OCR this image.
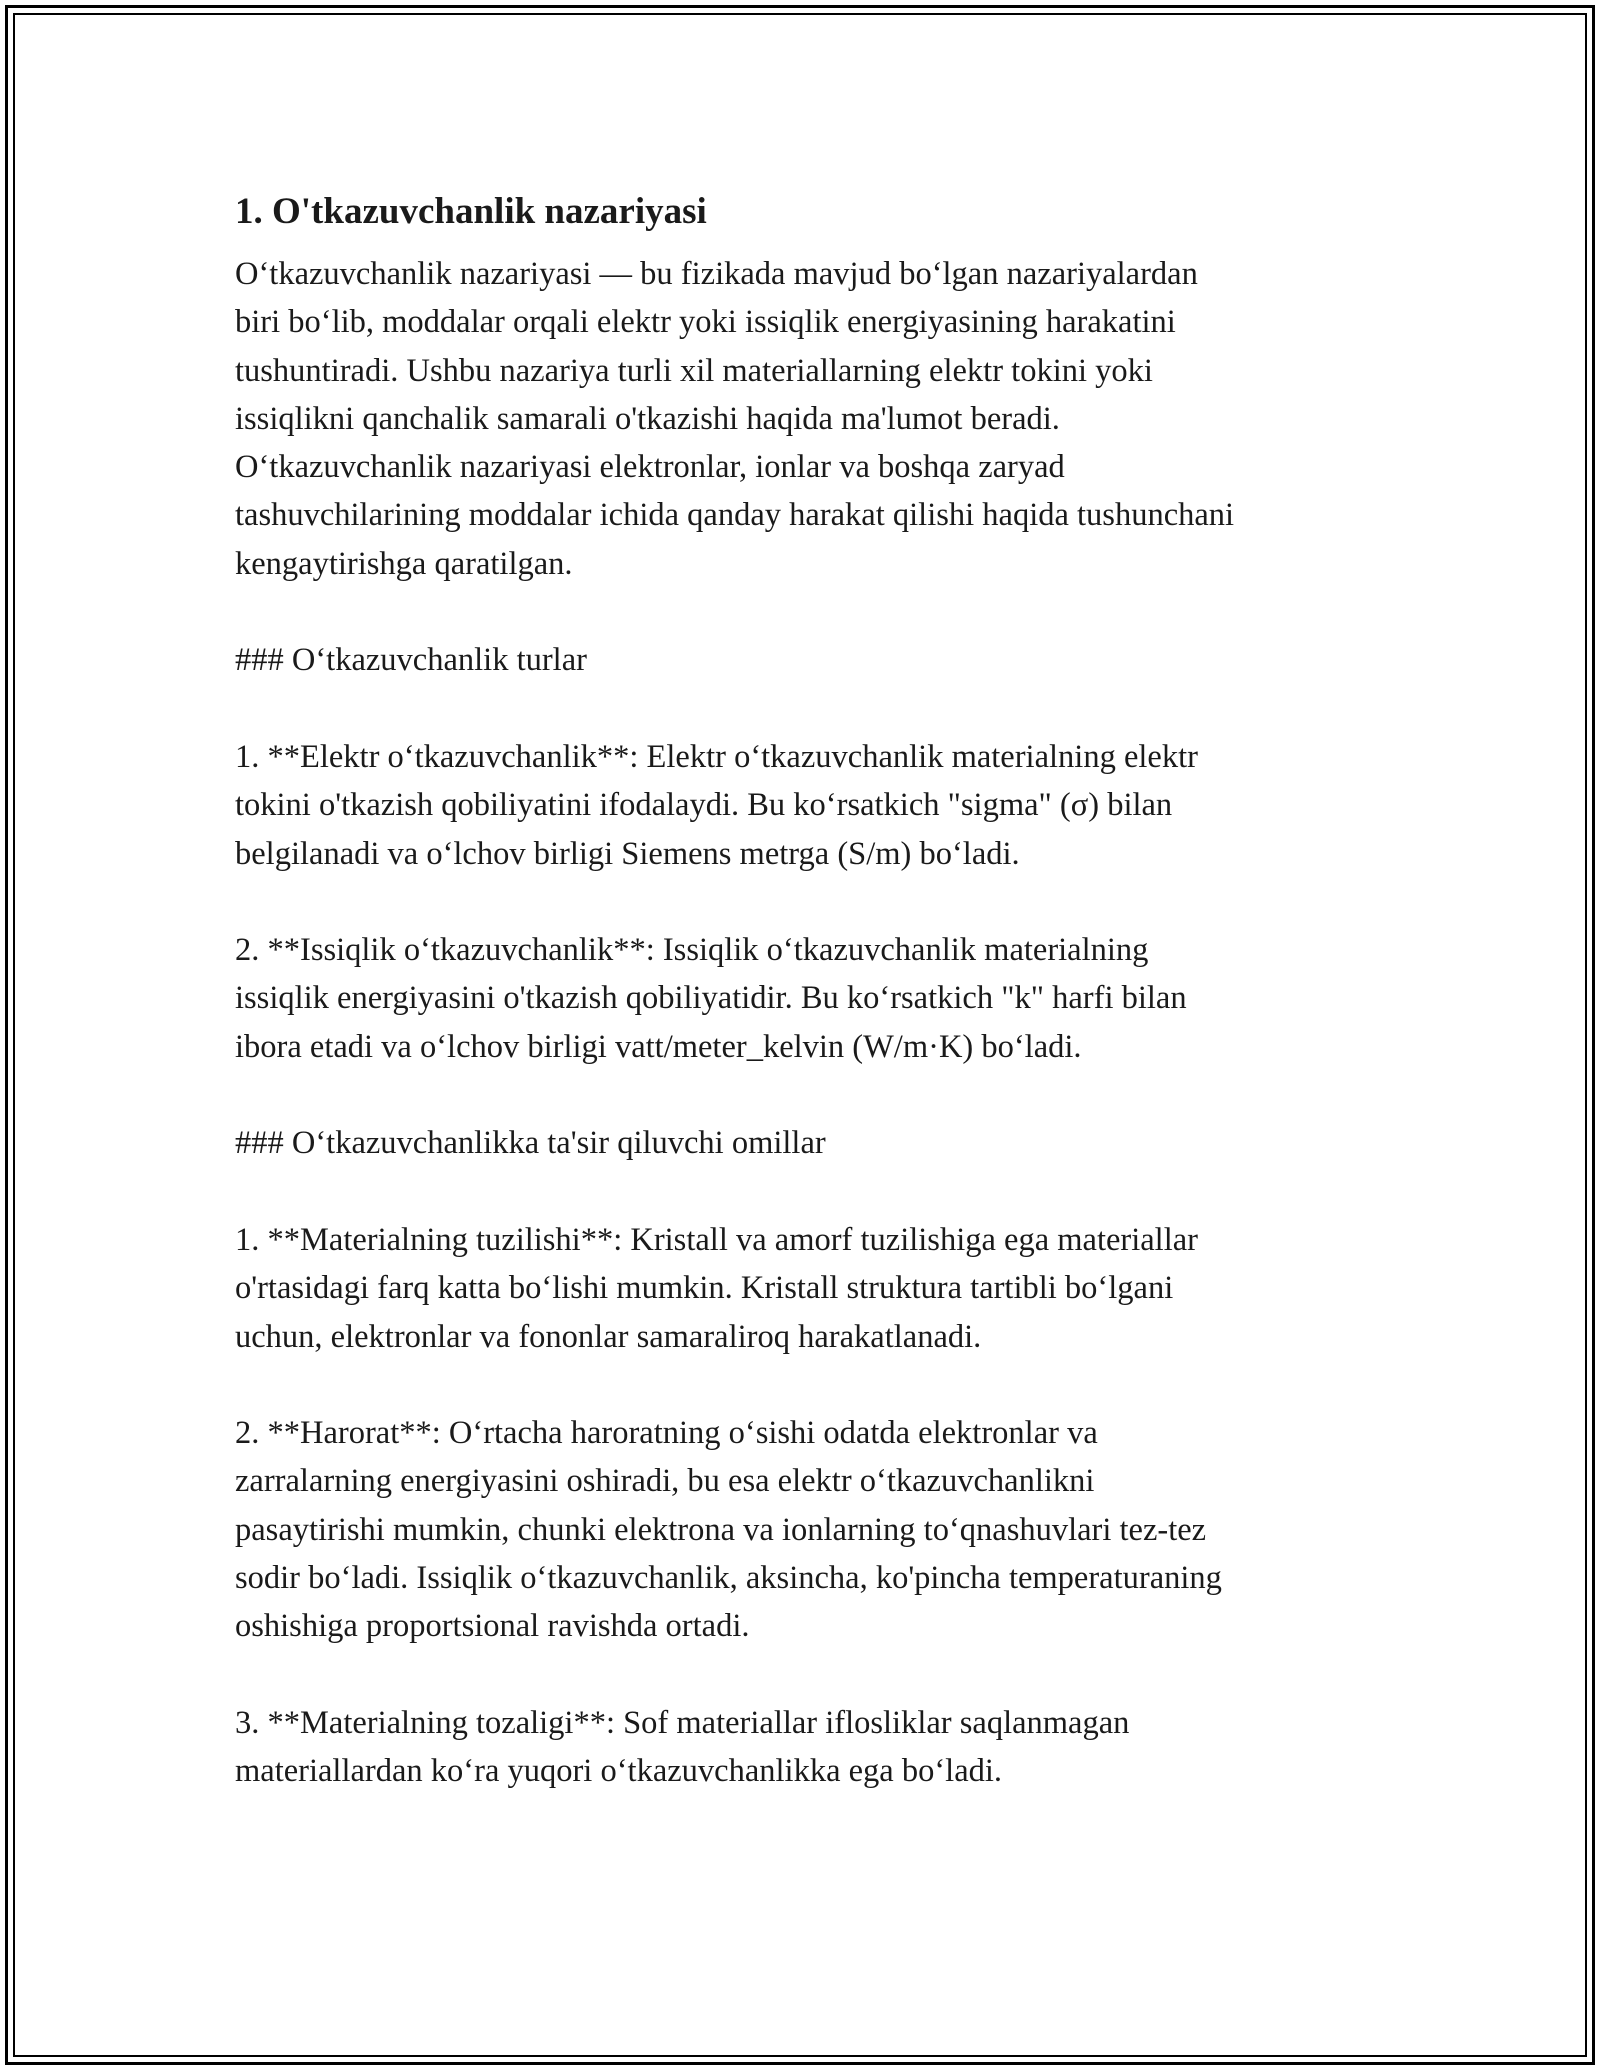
1. O'tkazuvchanlik nazariyasi
O‘tkazuvchanlik nazariyasi — bu fizikada mavjud bo‘lgan nazariyalardan
biri bo‘lib, moddalar orqali elektr yoki issiqlik energiyasining harakatini
tushuntiradi. Ushbu nazariya turli xil materiallarning elektr tokini yoki
issiqlikni qanchalik samarali o'tkazishi haqida ma'lumot beradi.
O‘tkazuvchanlik nazariyasi elektronlar, ionlar va boshqa zaryad
tashuvchilarining moddalar ichida qanday harakat qilishi haqida tushunchani
kengaytirishga qaratilgan.
### O‘tkazuvchanlik turlar
1. **Elektr o‘tkazuvchanlik**: Elektr o‘tkazuvchanlik materialning elektr
tokini o'tkazish qobiliyatini ifodalaydi. Bu ko‘rsatkich "sigma" (σ) bilan
belgilanadi va o‘lchov birligi Siemens metrga (S/m) bo‘ladi.
2. **Issiqlik o‘tkazuvchanlik**: Issiqlik o‘tkazuvchanlik materialning
issiqlik energiyasini o'tkazish qobiliyatidir. Bu ko‘rsatkich "k" harfi bilan
ibora etadi va o‘lchov birligi vatt/meter_kelvin (W/m·K) bo‘ladi.
### O‘tkazuvchanlikka ta'sir qiluvchi omillar
1. **Materialning tuzilishi**: Kristall va amorf tuzilishiga ega materiallar
o'rtasidagi farq katta bo‘lishi mumkin. Kristall struktura tartibli bo‘lgani
uchun, elektronlar va fononlar samaraliroq harakatlanadi.
2. **Harorat**: O‘rtacha haroratning o‘sishi odatda elektronlar va
zarralarning energiyasini oshiradi, bu esa elektr o‘tkazuvchanlikni
pasaytirishi mumkin, chunki elektrona va ionlarning to‘qnashuvlari tez-tez
sodir bo‘ladi. Issiqlik o‘tkazuvchanlik, aksincha, ko'pincha temperaturaning
oshishiga proportsional ravishda ortadi.
3. **Materialning tozaligi**: Sof materiallar iflosliklar saqlanmagan
materiallardan ko‘ra yuqori o‘tkazuvchanlikka ega bo‘ladi.
